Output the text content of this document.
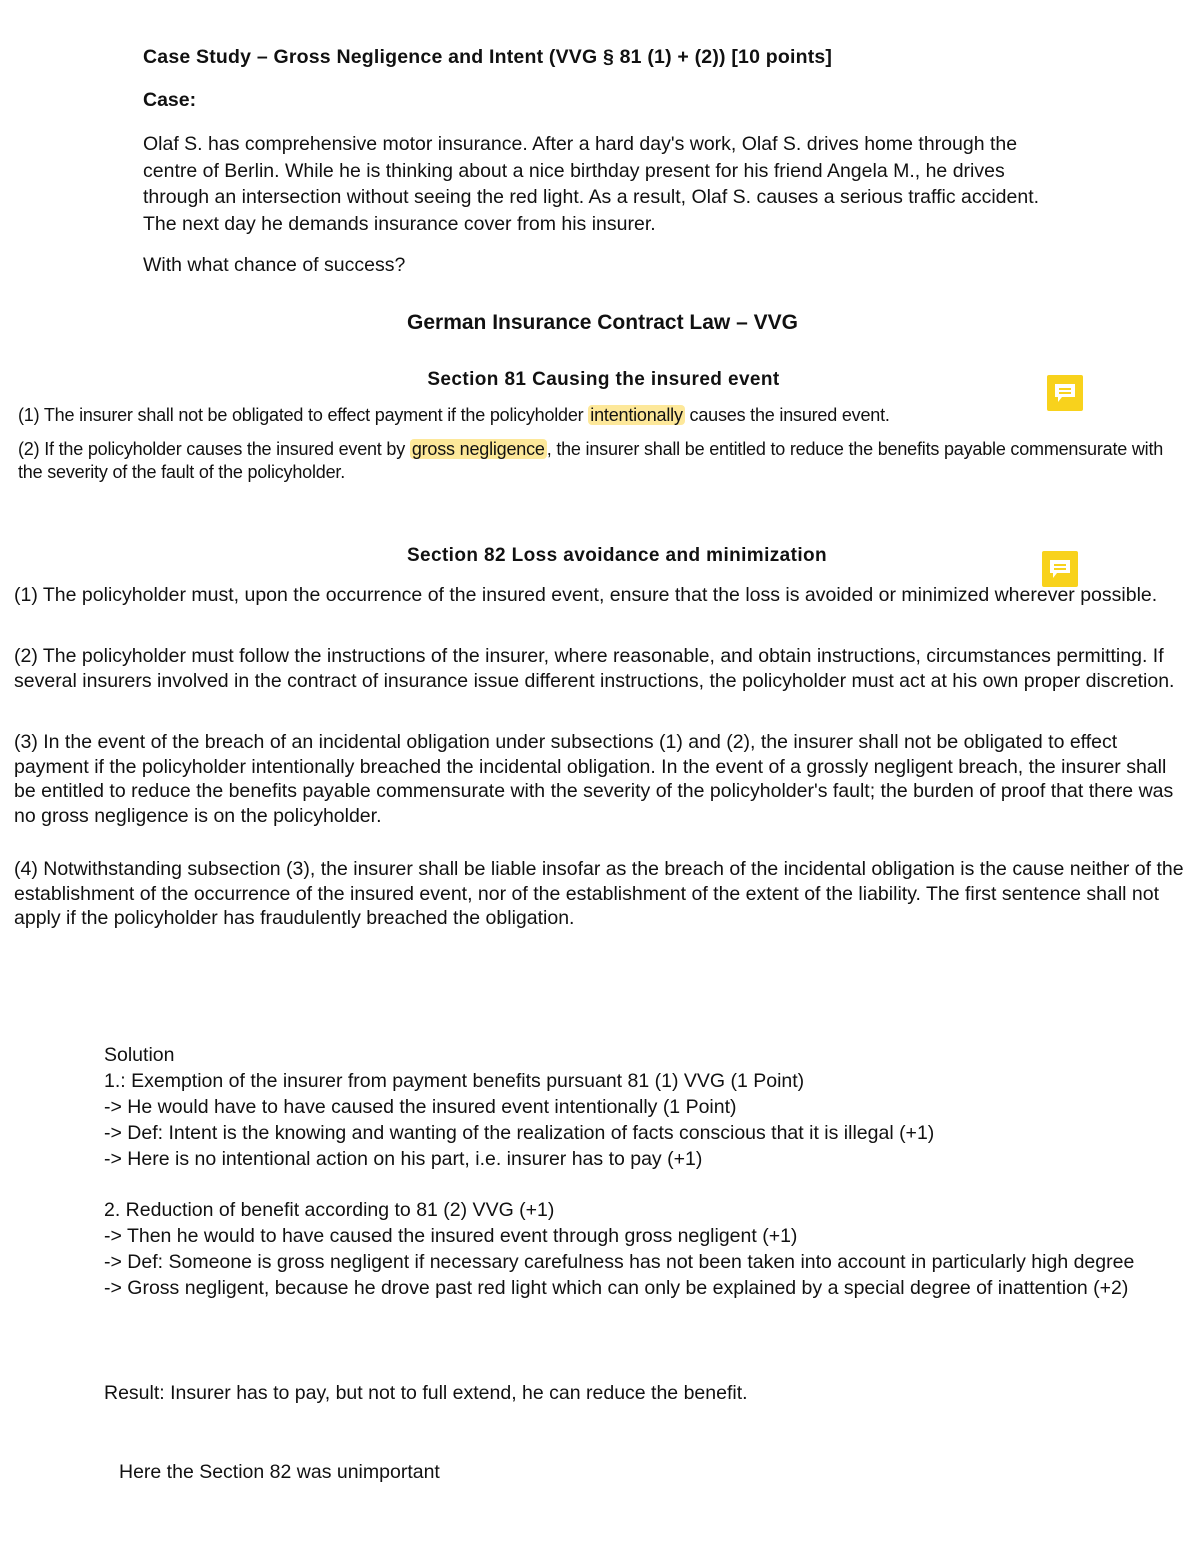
Case Study – Gross Negligence and Intent (VVG § 81 (1) + (2)) [10 points]
Case:
Olaf S. has comprehensive motor insurance. After a hard day's work, Olaf S. drives home through the centre of Berlin. While he is thinking about a nice birthday present for his friend Angela M., he drives through an intersection without seeing the red light. As a result, Olaf S. causes a serious traffic accident. The next day he demands insurance cover from his insurer.
With what chance of success?
German Insurance Contract Law – VVG
Section 81 Causing the insured event
(1) The insurer shall not be obligated to effect payment if the policyholder intentionally causes the insured event.
(2) If the policyholder causes the insured event by gross negligence , the insurer shall be entitled to reduce the benefits payable commensurate with the severity of the fault of the policyholder.
Section 82 Loss avoidance and minimization
(1) The policyholder must, upon the occurrence of the insured event, ensure that the loss is avoided or minimized wherever possible.
(2) The policyholder must follow the instructions of the insurer, where reasonable, and obtain instructions, circumstances permitting. If several insurers involved in the contract of insurance issue different instructions, the policyholder must act at his own proper discretion.
(3) In the event of the breach of an incidental obligation under subsections (1) and (2), the insurer shall not be obligated to effect payment if the policyholder intentionally breached the incidental obligation. In the event of a grossly negligent breach, the insurer shall be entitled to reduce the benefits payable commensurate with the severity of the policyholder's fault; the burden of proof that there was no gross negligence is on the policyholder.
(4) Notwithstanding subsection (3), the insurer shall be liable insofar as the breach of the incidental obligation is the cause neither of the establishment of the occurrence of the insured event, nor of the establishment of the extent of the liability. The first sentence shall not apply if the policyholder has fraudulently breached the obligation.
Solution
1.: Exemption of the insurer from payment benefits pursuant 81 (1) VVG (1 Point)
-> He would have to have caused the insured event intentionally (1 Point)
-> Def: Intent is the knowing and wanting of the realization of facts conscious that it is illegal (+1)
-> Here is no intentional action on his part, i.e. insurer has to pay (+1)
2. Reduction of benefit according to 81 (2) VVG (+1)
-> Then he would to have caused the insured event through gross negligent (+1)
-> Def: Someone is gross negligent if necessary carefulness has not been taken into account in particularly high degree
-> Gross negligent, because he drove past red light which can only be explained by a special degree of inattention (+2)
Result: Insurer has to pay, but not to full extend, he can reduce the benefit.
Here the Section 82 was unimportant
